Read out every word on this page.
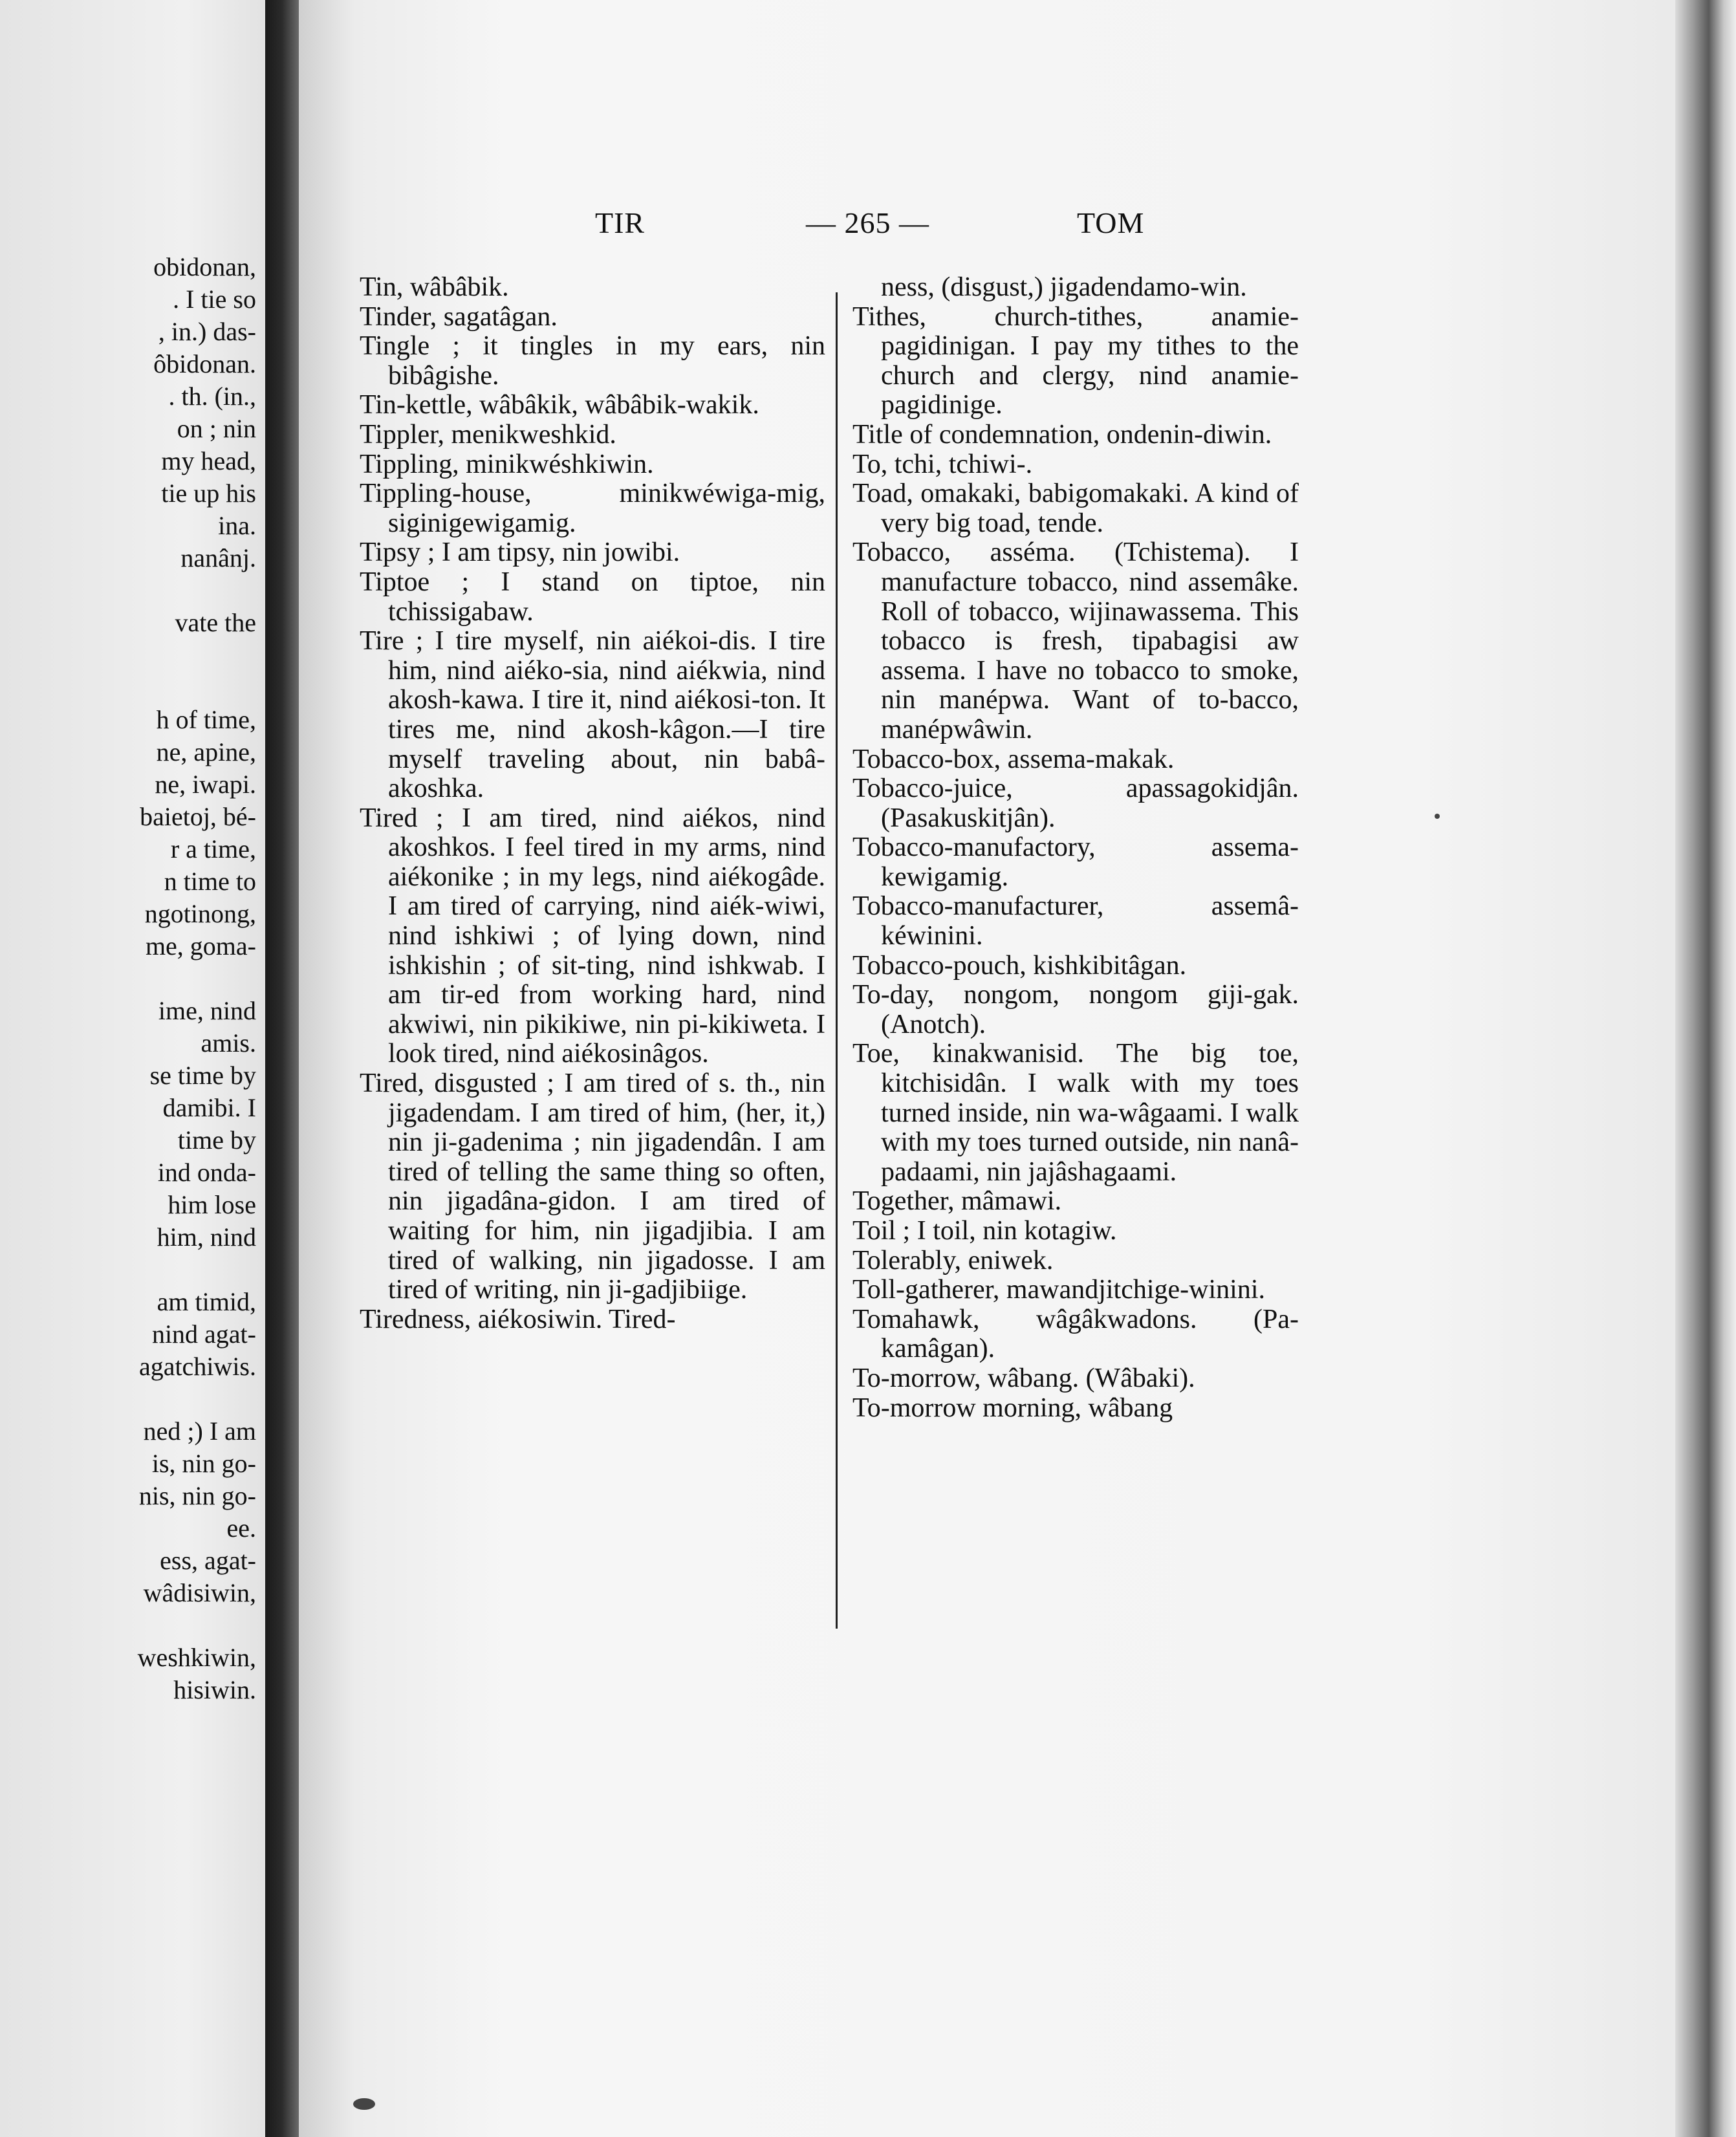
obidonan,
. I tie so
, in.) das-
ôbidonan.
. th. (in.,
on ; nin
my head,
tie up his
ina.
nanânj.
vate the
h of time,
ne, apine,
ne, iwapi.
baietoj, bé-
r a time,
n time to
ngotinong,
me, goma-
ime, nind
amis.
se time by
damibi. I
time by
ind onda-
him lose
him, nind
am timid,
nind agat-
agatchiwis.
ned ;) I am
is, nin go-
nis, nin go-
ee.
ess, agat-
wâdisiwin,
weshkiwin,
hisiwin.
TIR	— 265 —	TOM

Tin, wâbâbik.

Tinder, sagatâgan.

Tingle ; it tingles in my ears, nin bibâgishe.

Tin-kettle, wâbâkik, wâbâbik-wakik.

Tippler, menikweshkid.

Tippling, minikwéshkiwin.

Tippling-house, minikwéwiga-mig, siginigewigamig.

Tipsy ; I am tipsy, nin jowibi.

Tiptoe ; I stand on tiptoe, nin tchissigabaw.

Tire ; I tire myself, nin aiékoi-dis. I tire him, nind aiéko-sia, nind aiékwia, nind akosh-kawa. I tire it, nind aiékosi-ton. It tires me, nind akosh-kâgon.—I tire myself traveling about, nin babâ-akoshka.

Tired ; I am tired, nind aiékos, nind akoshkos. I feel tired in my arms, nind aiékonike ; in my legs, nind aiékogâde. I am tired of carrying, nind aiék-wiwi, nind ishkiwi ; of lying down, nind ishkishin ; of sit-ting, nind ishkwab. I am tir-ed from working hard, nind akwiwi, nin pikikiwe, nin pi-kikiweta. I look tired, nind aiékosinâgos.

Tired, disgusted ; I am tired of s. th., nin jigadendam. I am tired of him, (her, it,) nin ji-gadenima ; nin jigadendân. I am tired of telling the same thing so often, nin jigadâna-gidon. I am tired of waiting for him, nin jigadjibia. I am tired of walking, nin jigadosse. I am tired of writing, nin ji-gadjibiige.

Tiredness, aiékosiwin. Tired-

ness, (disgust,) jigadendamo-win.

Tithes, church-tithes, anamie-pagidinigan. I pay my tithes to the church and clergy, nind anamie-pagidinige.

Title of condemnation, ondenin-diwin.

To, tchi, tchiwi-.

Toad, omakaki, babigomakaki. A kind of very big toad, tende.

Tobacco, asséma. (Tchistema). I manufacture tobacco, nind assemâke. Roll of tobacco, wijinawassema. This tobacco is fresh, tipabagisi aw assema. I have no tobacco to smoke, nin manépwa. Want of to-bacco, manépwâwin.

Tobacco-box, assema-makak.

Tobacco-juice, apassagokidjân. (Pasakuskitjân).

Tobacco-manufactory, assema-kewigamig.

Tobacco-manufacturer, assemâ-kéwinini.

Tobacco-pouch, kishkibitâgan.

To-day, nongom, nongom giji-gak. (Anotch).

Toe, kinakwanisid. The big toe, kitchisidân. I walk with my toes turned inside, nin wa-wâgaami. I walk with my toes turned outside, nin nanâ-padaami, nin jajâshagaami.

Together, mâmawi.

Toil ; I toil, nin kotagiw.

Tolerably, eniwek.

Toll-gatherer, mawandjitchige-winini.

Tomahawk, wâgâkwadons. (Pa-kamâgan).

To-morrow, wâbang. (Wâbaki).

To-morrow morning, wâbang
